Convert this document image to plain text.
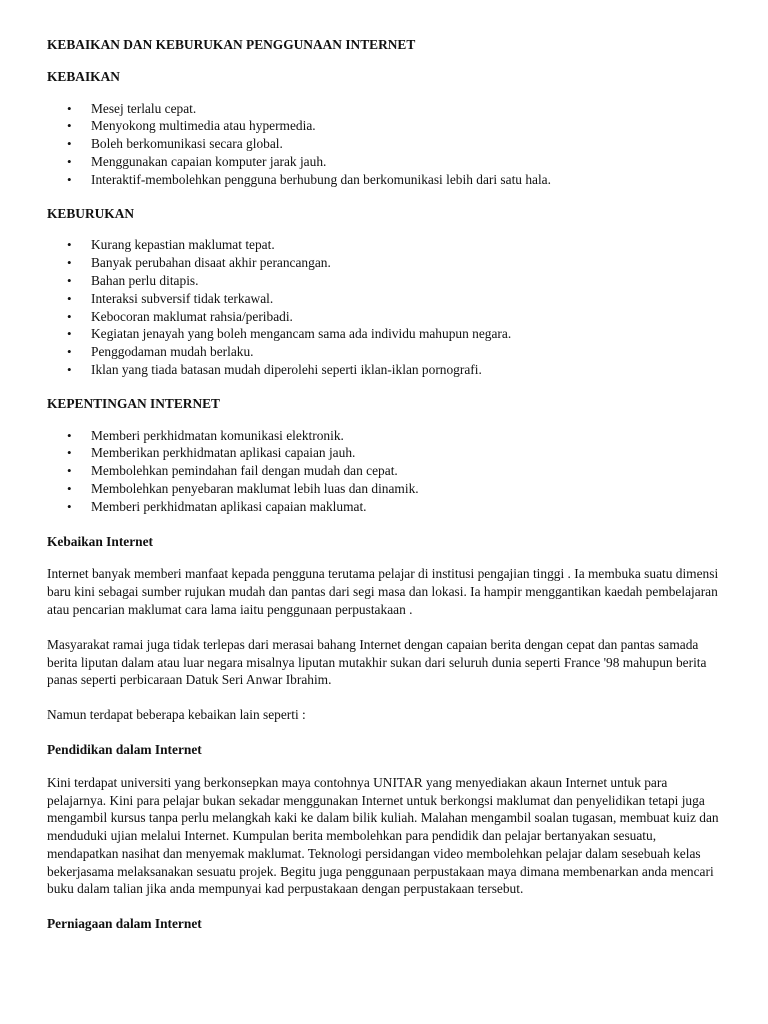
KEBAIKAN DAN KEBURUKAN PENGGUNAAN INTERNET
KEBAIKAN
• Mesej terlalu cepat.
• Menyokong multimedia atau hypermedia.
• Boleh berkomunikasi secara global.
• Menggunakan capaian komputer jarak jauh.
• Interaktif-membolehkan pengguna berhubung dan berkomunikasi lebih dari satu hala.
KEBURUKAN
• Kurang kepastian maklumat tepat.
• Banyak perubahan disaat akhir perancangan.
• Bahan perlu ditapis.
• Interaksi subversif tidak terkawal.
• Kebocoran maklumat rahsia/peribadi.
• Kegiatan jenayah yang boleh mengancam sama ada individu mahupun negara.
• Penggodaman mudah berlaku.
• Iklan yang tiada batasan mudah diperolehi seperti iklan-iklan pornografi.
KEPENTINGAN INTERNET
• Memberi perkhidmatan komunikasi elektronik.
• Memberikan perkhidmatan aplikasi capaian jauh.
• Membolehkan pemindahan fail dengan mudah dan cepat.
• Membolehkan penyebaran maklumat lebih luas dan dinamik.
• Memberi perkhidmatan aplikasi capaian maklumat.
Kebaikan Internet

Internet banyak memberi manfaat kepada pengguna terutama pelajar di institusi pengajian tinggi . Ia membuka suatu dimensi baru kini sebagai sumber rujukan mudah dan pantas dari segi masa dan lokasi. Ia hampir menggantikan kaedah pembelajaran atau pencarian maklumat cara lama iaitu penggunaan perpustakaan .

Masyarakat ramai juga tidak terlepas dari merasai bahang Internet dengan capaian berita dengan cepat dan pantas samada berita liputan dalam atau luar negara misalnya liputan mutakhir sukan dari seluruh dunia seperti France '98 mahupun berita panas seperti perbicaraan Datuk Seri Anwar Ibrahim.

Namun terdapat beberapa kebaikan lain seperti :

Pendidikan dalam Internet

Kini terdapat universiti yang berkonsepkan maya contohnya UNITAR yang menyediakan akaun Internet untuk para pelajarnya. Kini para pelajar bukan sekadar menggunakan Internet untuk berkongsi maklumat dan penyelidikan tetapi juga mengambil kursus tanpa perlu melangkah kaki ke dalam bilik kuliah. Malahan mengambil soalan tugasan, membuat kuiz dan menduduki ujian melalui Internet. Kumpulan berita membolehkan para pendidik dan pelajar bertanyakan sesuatu, mendapatkan nasihat dan menyemak maklumat. Teknologi persidangan video membolehkan pelajar dalam sesebuah kelas bekerjasama melaksanakan sesuatu projek. Begitu juga penggunaan perpustakaan maya dimana membenarkan anda mencari buku dalam talian jika anda mempunyai kad perpustakaan dengan perpustakaan tersebut.

Perniagaan dalam Internet
